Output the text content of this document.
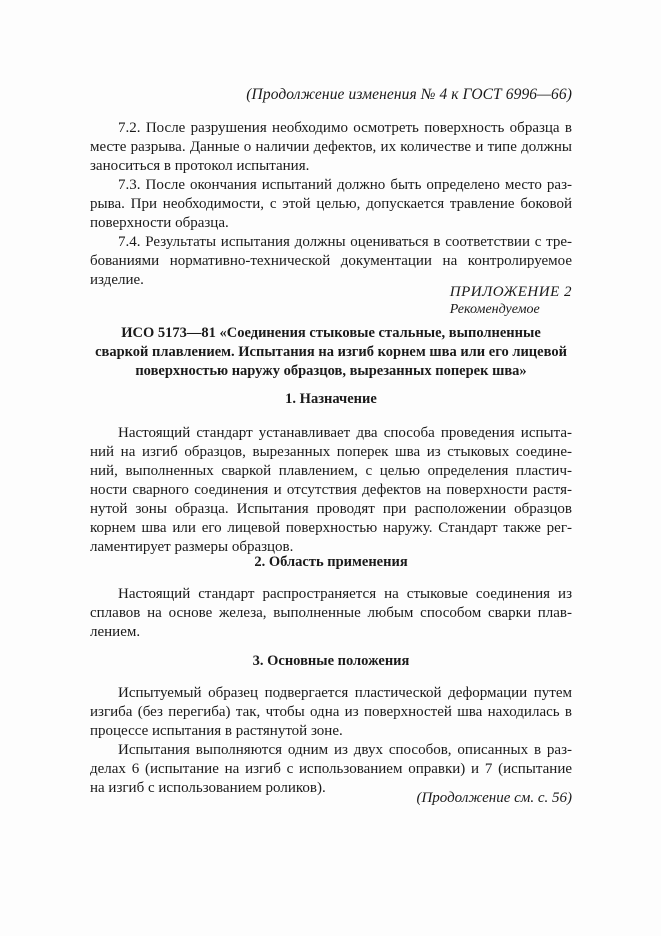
(Продолжение изменения № 4 к ГОСТ 6996—66)
7.2. После разрушения необходимо осмотреть поверхность образца в
месте разрыва. Данные о наличии дефектов, их количестве и типе должны
заноситься в протокол испытания.
7.3. После окончания испытаний должно быть определено место раз-
рыва. При необходимости, с этой целью, допускается травление боковой
поверхности образца.
7.4. Результаты испытания должны оцениваться в соответствии с тре-
бованиями нормативно-технической документации на контролируемое
изделие.
ПРИЛОЖЕНИЕ 2
Рекомендуемое
ИСО 5173—81 «Соединения стыковые стальные, выполненные
сваркой плавлением. Испытания на изгиб корнем шва или его лицевой
поверхностью наружу образцов, вырезанных поперек шва»
1. Назначение
Настоящий стандарт устанавливает два способа проведения испыта-
ний на изгиб образцов, вырезанных поперек шва из стыковых соедине-
ний, выполненных сваркой плавлением, с целью определения пластич-
ности сварного соединения и отсутствия дефектов на поверхности растя-
нутой зоны образца. Испытания проводят при расположении образцов
корнем шва или его лицевой поверхностью наружу. Стандарт также рег-
ламентирует размеры образцов.
2. Область применения
Настоящий стандарт распространяется на стыковые соединения из
сплавов на основе железа, выполненные любым способом сварки плав-
лением.
3. Основные положения
Испытуемый образец подвергается пластической деформации путем
изгиба (без перегиба) так, чтобы одна из поверхностей шва находилась в
процессе испытания в растянутой зоне.
Испытания выполняются одним из двух способов, описанных в раз-
делах 6 (испытание на изгиб с использованием оправки) и 7 (испытание
на изгиб с использованием роликов).
(Продолжение см. с. 56)
